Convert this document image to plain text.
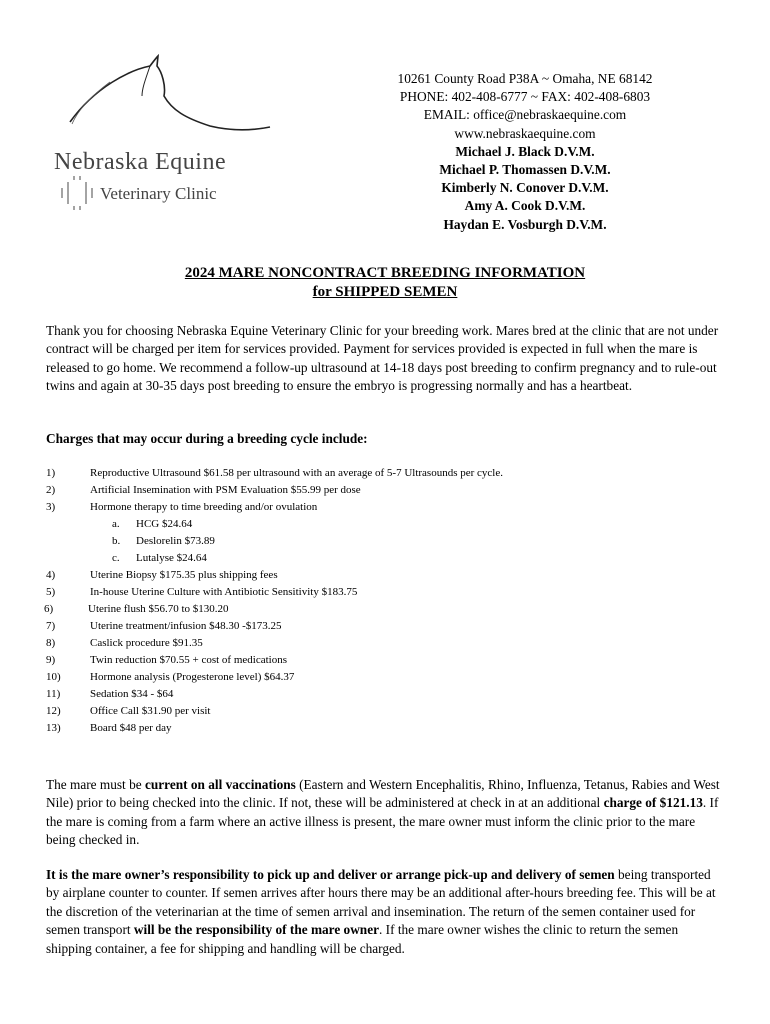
Nebraska Equine
Veterinary Clinic
10261 County Road P38A ~ Omaha, NE 68142
PHONE: 402-408-6777 ~ FAX: 402-408-6803
EMAIL: office@nebraskaequine.com
www.nebraskaequine.com
Michael J. Black D.V.M.
Michael P. Thomassen D.V.M.
Kimberly N. Conover D.V.M.
Amy A. Cook D.V.M.
Haydan E. Vosburgh D.V.M.
2024 MARE NONCONTRACT BREEDING INFORMATION
for SHIPPED SEMEN
Thank you for choosing Nebraska Equine Veterinary Clinic for your breeding work. Mares bred at the clinic that are not under contract will be charged per item for services provided. Payment for services provided is expected in full when the mare is released to go home. We recommend a follow-up ultrasound at 14-18 days post breeding to confirm pregnancy and to rule-out twins and again at 30-35 days post breeding to ensure the embryo is progressing normally and has a heartbeat.
Charges that may occur during a breeding cycle include:
1)	Reproductive Ultrasound $61.58 per ultrasound with an average of 5-7 Ultrasounds per cycle.
2)	Artificial Insemination with PSM Evaluation $55.99 per dose
3)	Hormone therapy to time breeding and/or ovulation
a.	HCG $24.64
b.	Deslorelin $73.89
c.	Lutalyse $24.64
4)	Uterine Biopsy $175.35 plus shipping fees
5)	In-house Uterine Culture with Antibiotic Sensitivity $183.75
6)	Uterine flush $56.70 to $130.20
7)	Uterine treatment/infusion $48.30 -$173.25
8)	Caslick procedure $91.35
9)	Twin reduction $70.55 + cost of medications
10)	Hormone analysis (Progesterone level) $64.37
11)	Sedation $34 - $64
12)	Office Call $31.90 per visit
13)	Board $48 per day
The mare must be current on all vaccinations (Eastern and Western Encephalitis, Rhino, Influenza, Tetanus, Rabies and West Nile) prior to being checked into the clinic. If not, these will be administered at check in at an additional charge of $121.13. If the mare is coming from a farm where an active illness is present, the mare owner must inform the clinic prior to the mare being checked in.
It is the mare owner’s responsibility to pick up and deliver or arrange pick-up and delivery of semen being transported by airplane counter to counter. If semen arrives after hours there may be an additional after-hours breeding fee. This will be at the discretion of the veterinarian at the time of semen arrival and insemination. The return of the semen container used for semen transport will be the responsibility of the mare owner. If the mare owner wishes the clinic to return the semen shipping container, a fee for shipping and handling will be charged.
